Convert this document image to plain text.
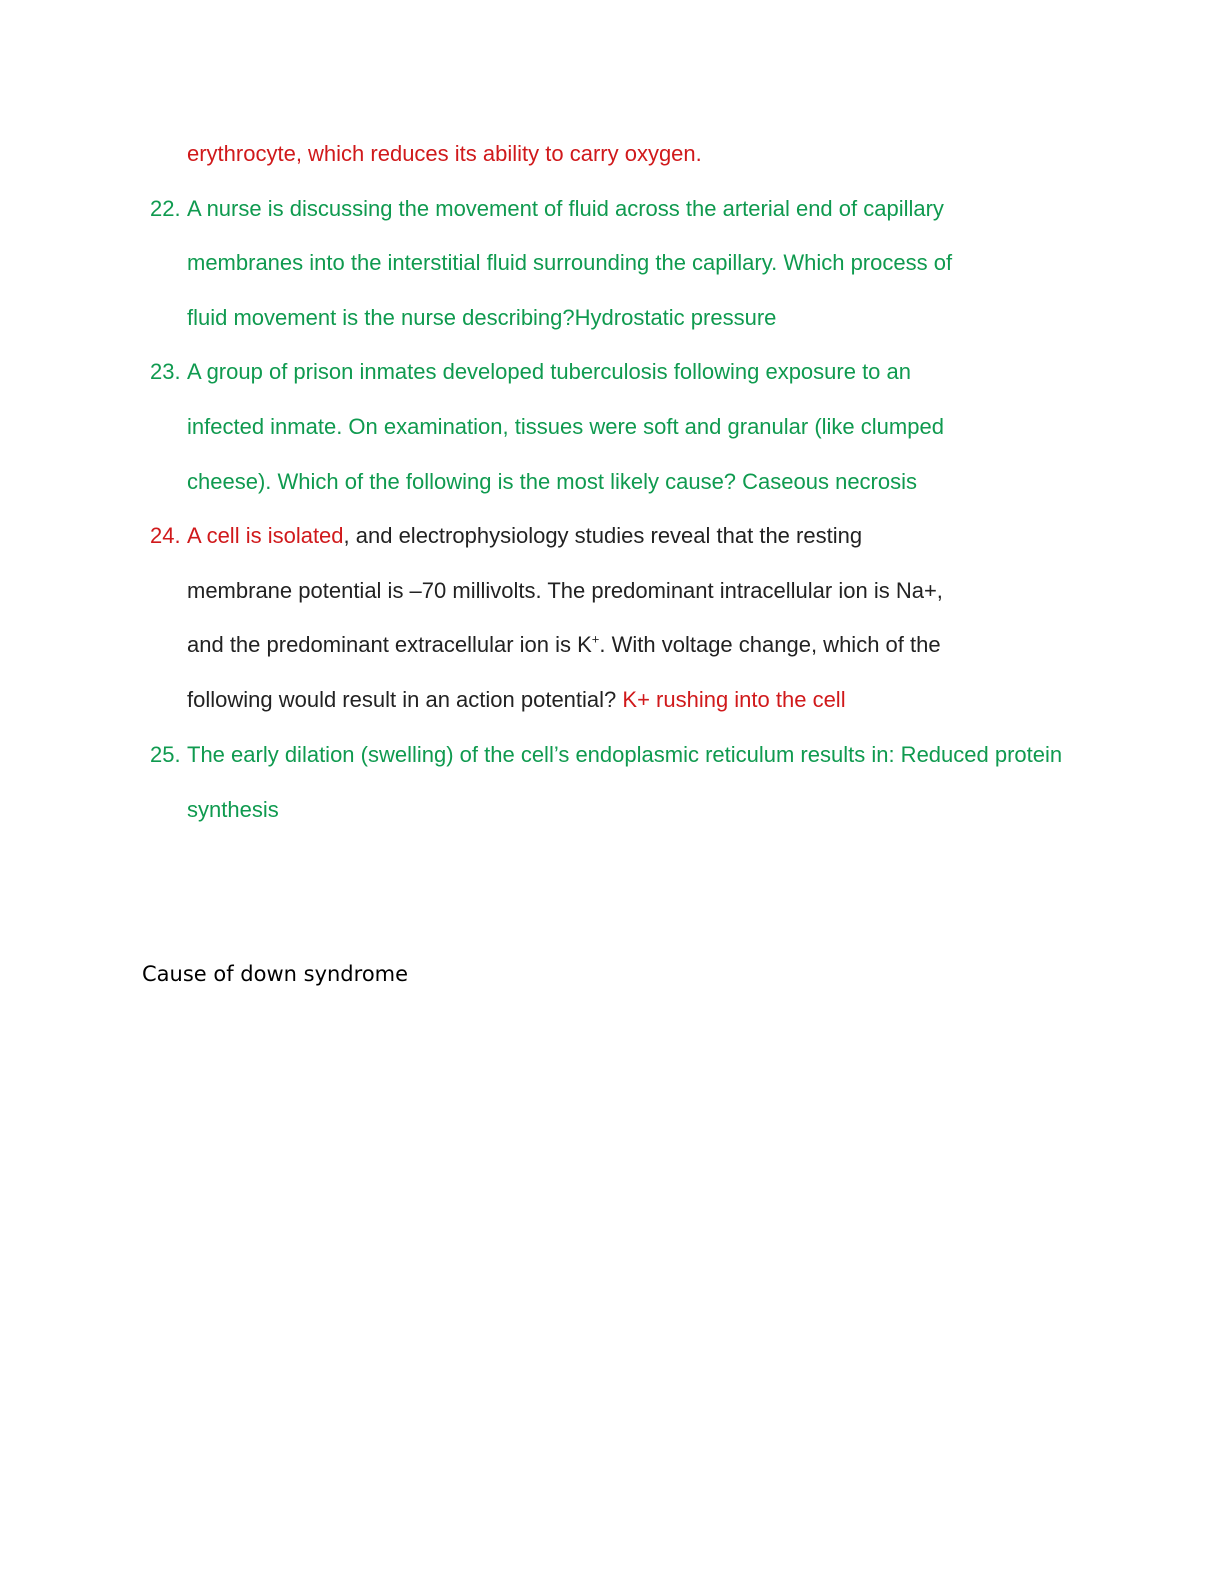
erythrocyte, which reduces its ability to carry oxygen.
22. A nurse is discussing the movement of fluid across the arterial end of capillary
membranes into the interstitial fluid surrounding the capillary. Which process of
fluid movement is the nurse describing?Hydrostatic pressure
23. A group of prison inmates developed tuberculosis following exposure to an
infected inmate. On examination, tissues were soft and granular (like clumped
cheese). Which of the following is the most likely cause? Caseous necrosis
24. A cell is isolated, and electrophysiology studies reveal that the resting
membrane potential is –70 millivolts. The predominant intracellular ion is Na+,
and the predominant extracellular ion is K+. With voltage change, which of the
following would result in an action potential? K+ rushing into the cell
25. The early dilation (swelling) of the cell’s endoplasmic reticulum results in: Reduced protein
synthesis
Cause of down syndrome
